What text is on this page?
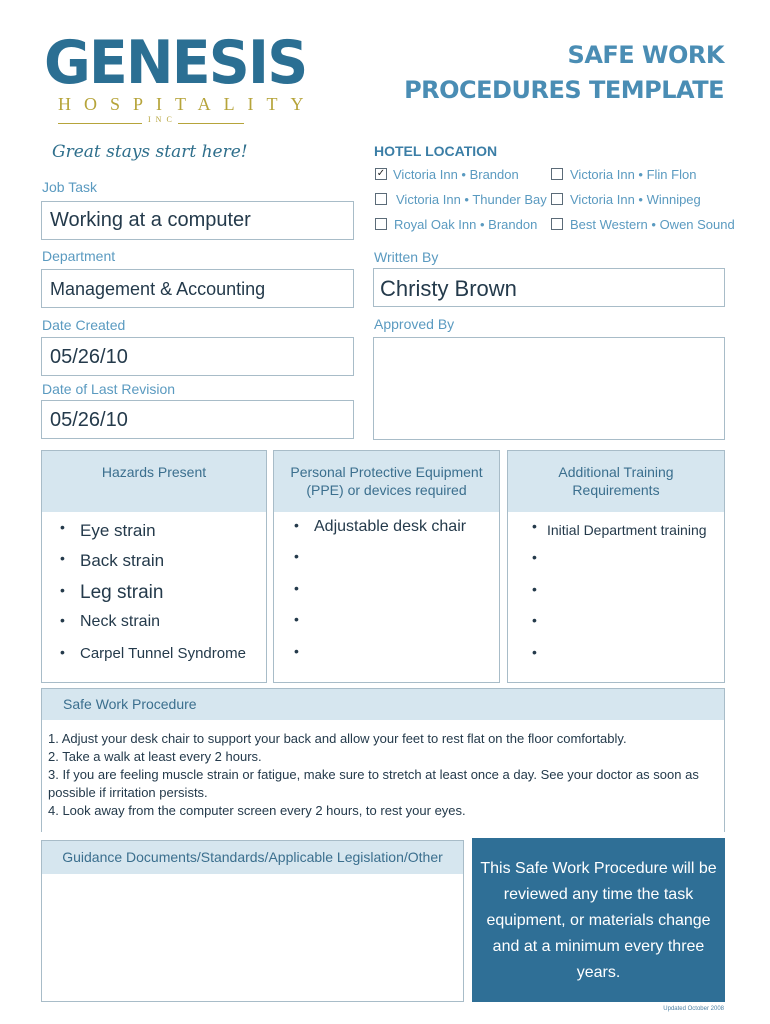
GENESIS
HOSPITALITY
INC
Great stays start here!
SAFE WORK
PROCEDURES TEMPLATE
HOTEL LOCATION
✓ Victoria Inn • Brandon	Victoria Inn • Flin Flon
Victoria Inn • Thunder Bay Victoria Inn • Winnipeg
Royal Oak Inn • Brandon	Best Western • Owen Sound
Job Task
Working at a computer
Department
Management & Accounting
Date Created
05/26/10
Date of Last Revision
05/26/10
Written By
Christy Brown
Approved By
Hazards Present
• Eye strain
• Back strain
• Leg strain
• Neck strain
• Carpel Tunnel Syndrome
Personal Protective Equipment
(PPE) or devices required
• Adjustable desk chair
•
•
•
•
Additional Training
Requirements
• Initial Department training
•
•
•
•
Safe Work Procedure
1. Adjust your desk chair to support your back and allow your feet to rest flat on the floor comfortably.
2. Take a walk at least every 2 hours.
3. If you are feeling muscle strain or fatigue, make sure to stretch at least once a day. See your doctor as soon as possible if irritation persists.
4. Look away from the computer screen every 2 hours, to rest your eyes.
Guidance Documents/Standards/Applicable Legislation/Other
This Safe Work Procedure will be reviewed any time the task equipment, or materials change and at a minimum every three years.
Updated October 2008
